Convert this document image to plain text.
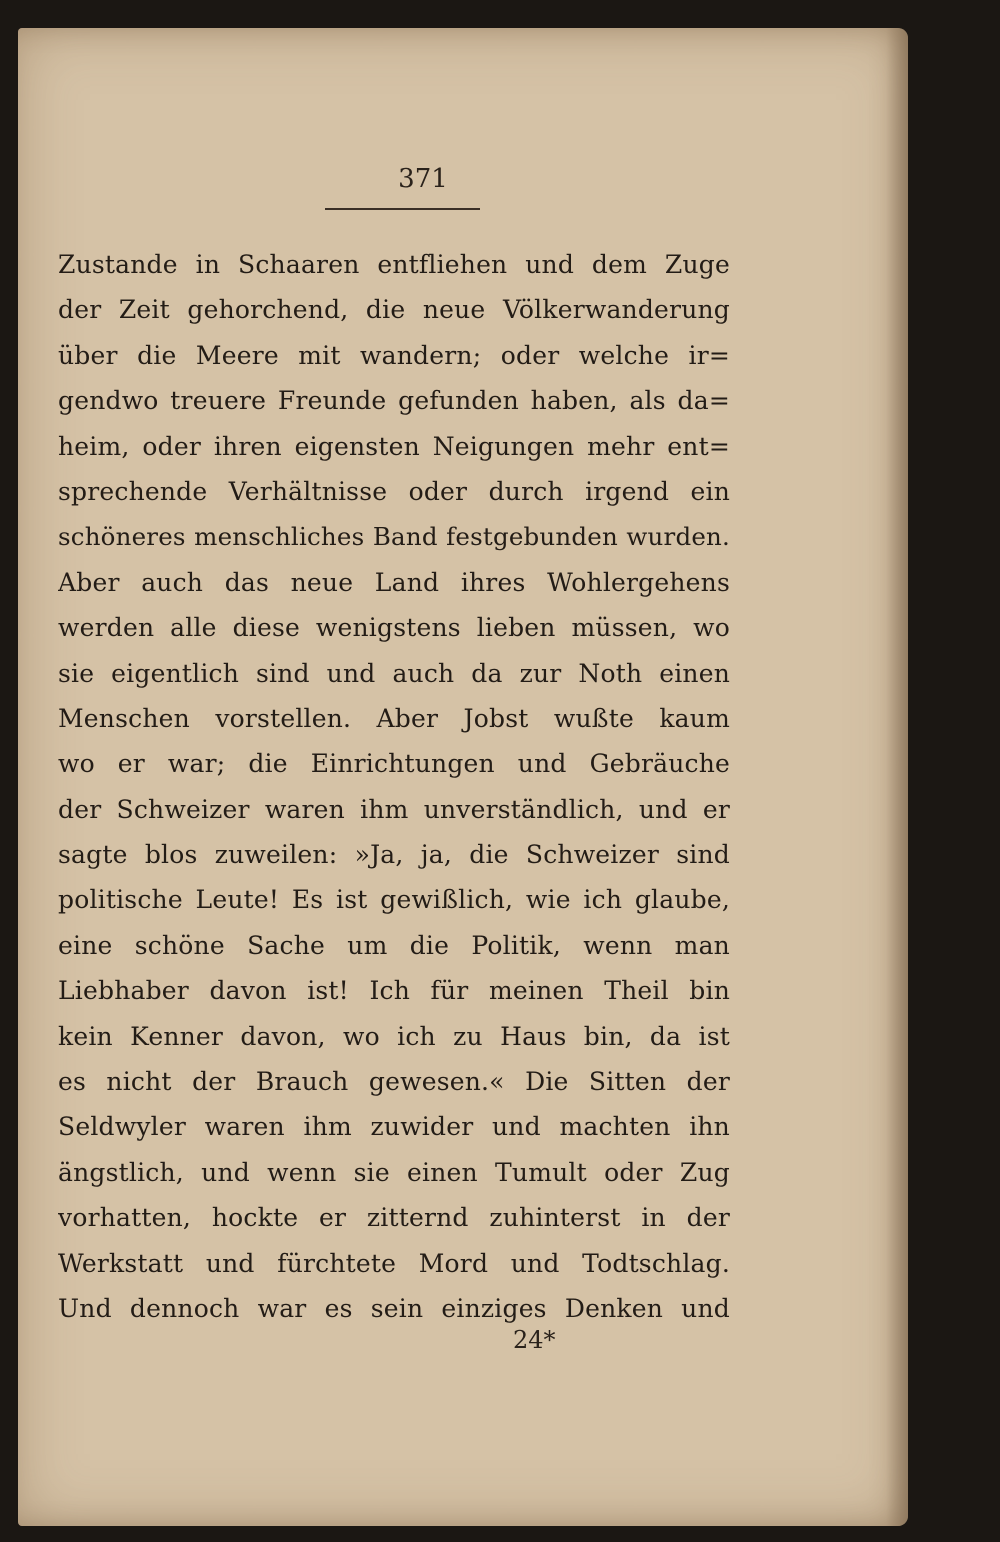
371
Zustande in Schaaren entfliehen und dem Zuge
der Zeit gehorchend, die neue Völkerwanderung
über die Meere mit wandern; oder welche ir=
gendwo treuere Freunde gefunden haben, als da=
heim, oder ihren eigensten Neigungen mehr ent=
sprechende Verhältnisse oder durch irgend ein
schöneres menschliches Band festgebunden wurden.
Aber auch das neue Land ihres Wohlergehens
werden alle diese wenigstens lieben müssen, wo
sie eigentlich sind und auch da zur Noth einen
Menschen vorstellen. Aber Jobst wußte kaum
wo er war; die Einrichtungen und Gebräuche
der Schweizer waren ihm unverständlich, und er
sagte blos zuweilen: »Ja, ja, die Schweizer sind
politische Leute! Es ist gewißlich, wie ich glaube,
eine schöne Sache um die Politik, wenn man
Liebhaber davon ist! Ich für meinen Theil bin
kein Kenner davon, wo ich zu Haus bin, da ist
es nicht der Brauch gewesen.« Die Sitten der
Seldwyler waren ihm zuwider und machten ihn
ängstlich, und wenn sie einen Tumult oder Zug
vorhatten, hockte er zitternd zuhinterst in der
Werkstatt und fürchtete Mord und Todtschlag.
Und dennoch war es sein einziges Denken und
24*
